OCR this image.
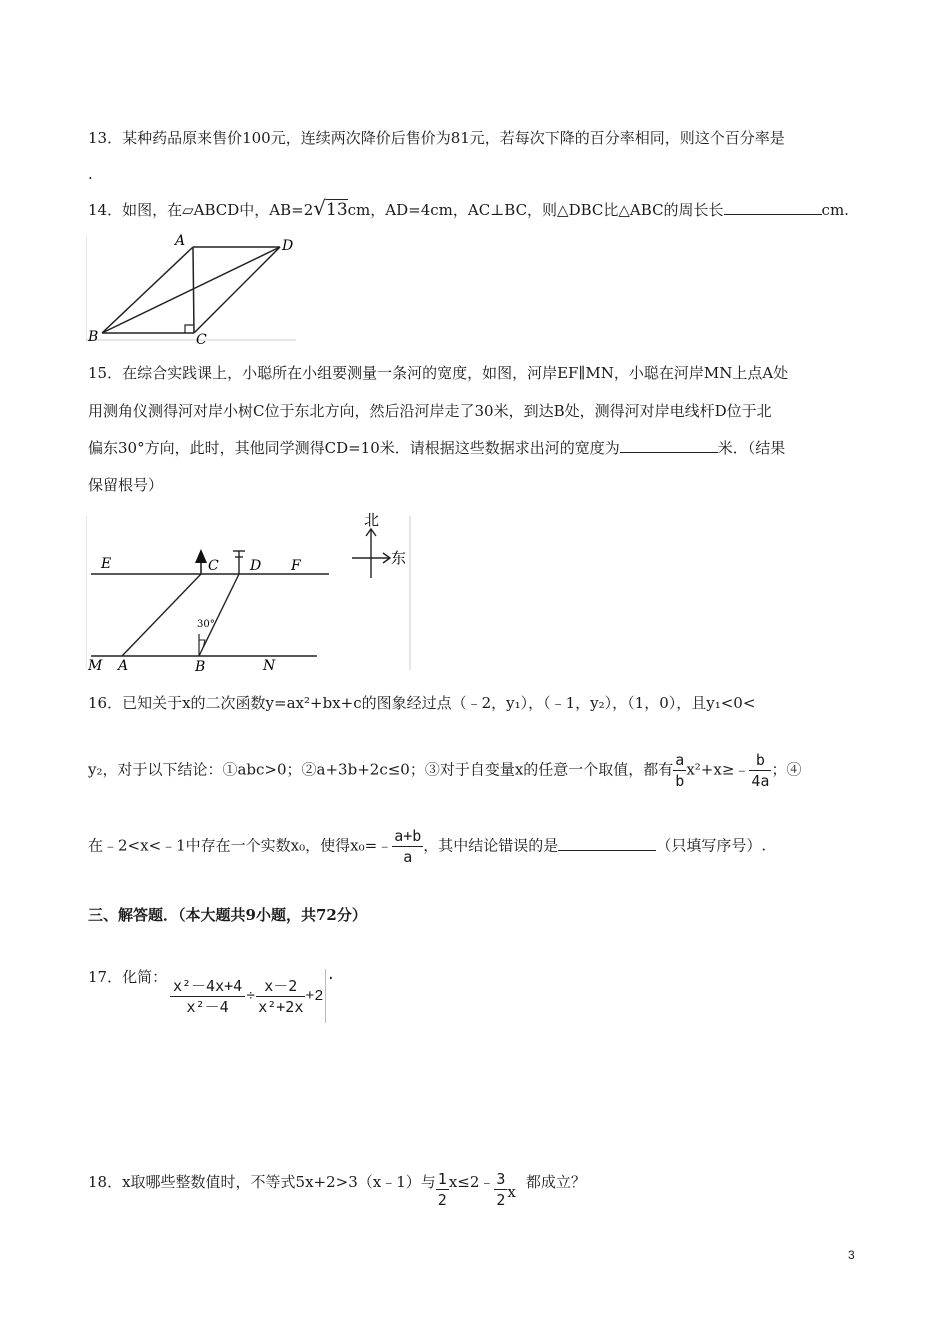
13．某种药品原来售价100元，连续两次降价后售价为81元，若每次下降的百分率相同，则这个百分率是
.
14．如图，在▱ABCD中，AB=2√13cm，AD=4cm，AC⊥BC，则△DBC比△ABC的周长长	cm.
A	D
B	C
15．在综合实践课上，小聪所在小组要测量一条河的宽度，如图，河岸EF∥MN，小聪在河岸MN上点A处
用测角仪测得河对岸小树C位于东北方向，然后沿河岸走了30米，到达B处，测得河对岸电线杆D位于北
偏东30°方向，此时，其他同学测得CD=10米．请根据这些数据求出河的宽度为	米．（结果
保留根号）
E	C D F
M A	B	N
30°
北
东
16．已知关于x的二次函数y=ax²+bx+c的图象经过点（﹣2，y₁），（﹣1，y₂），（1，0），且y₁<0<
y₂，对于以下结论：①abc>0；②a+3b+2c≤0；③对于自变量x的任意一个取值，都有 $\frac{a}{b}$ x²+x≥﹣ $\frac{b}{4a}$ ；④
在﹣2<x<﹣1中存在一个实数x₀，使得x₀=﹣ $\frac{a+b}{a}$ ，其中结论错误的是	（只填写序号）.
三、解答题．（本大题共9小题，共72分）
17．化简： $\frac{\text{x²－4x+4}}{\text{x²－4}} \div \frac{x-2}{\text{x²+2x}} +2$
.
18．x取哪些整数值时，不等式5x+2>3（x﹣1）与 $\frac{1}{2}$ x≤2﹣ $\frac{3}{2}$ x
都成立？
3
